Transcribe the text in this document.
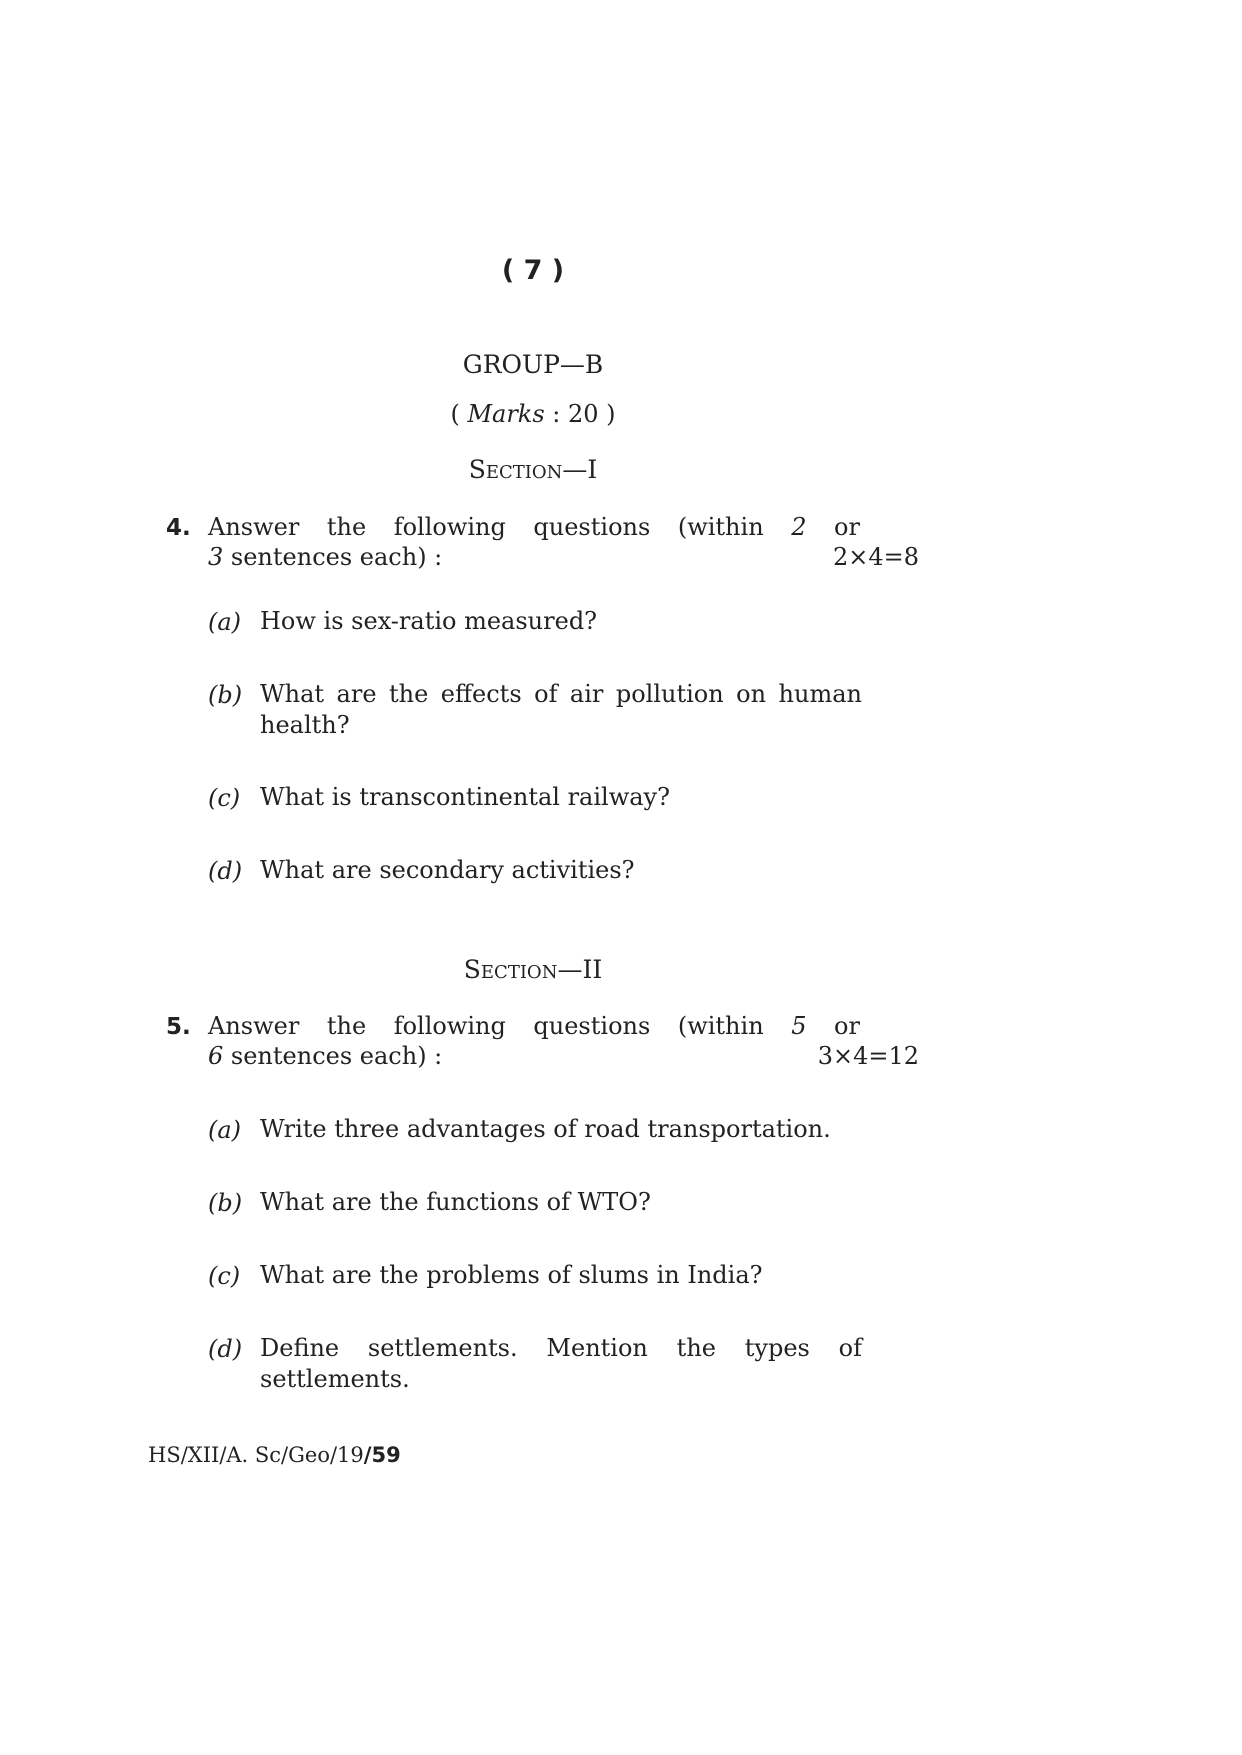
( 7 )
GROUP—B
( Marks : 20 )
Section—I
4. Answer the following questions (within 2 or
3 sentences each) :	2×4=8
(a) How is sex-ratio measured?
(b) What are the effects of air pollution on human
health?
(c) What is transcontinental railway?
(d) What are secondary activities?
Section—II
5. Answer the following questions (within 5 or
6 sentences each) :	3×4=12
(a) Write three advantages of road transportation.
(b) What are the functions of WTO?
(c) What are the problems of slums in India?
(d) Define settlements. Mention the types of
settlements.
HS/XII/A. Sc/Geo/19/59
